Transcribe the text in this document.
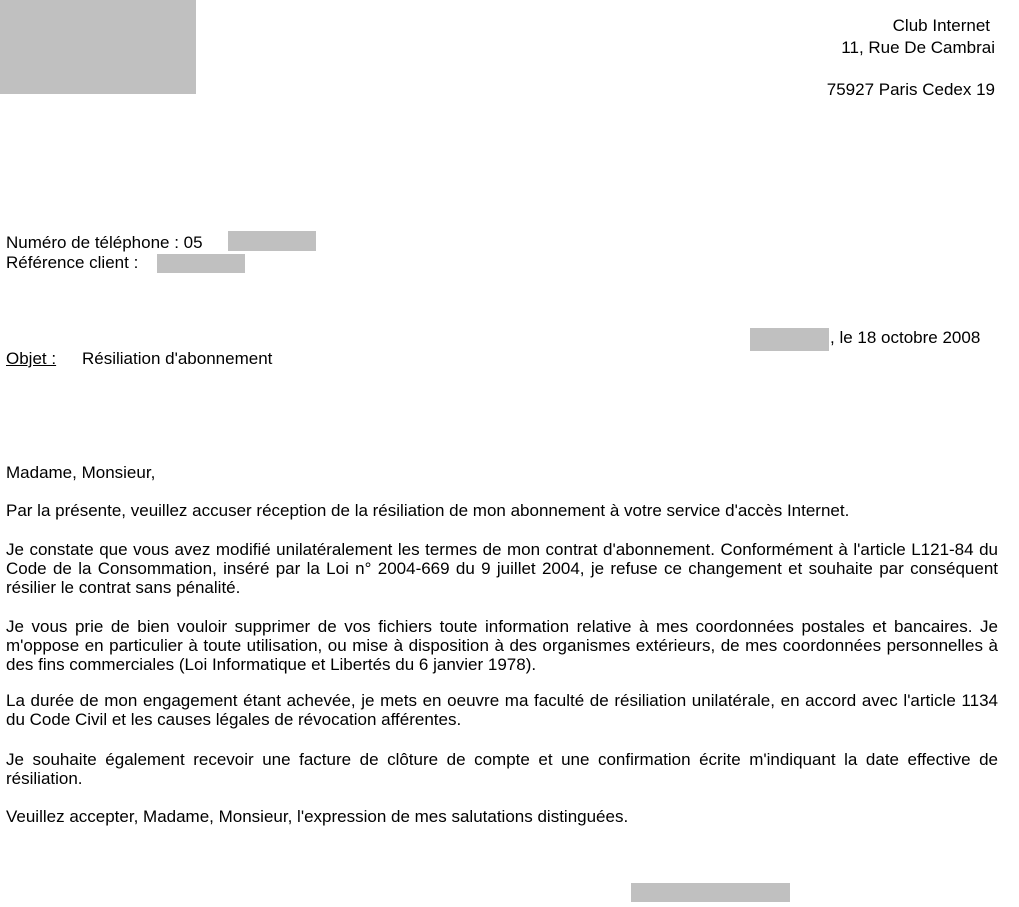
Club Internet
11, Rue De Cambrai
75927 Paris Cedex 19
Numéro de téléphone : 05
Référence client :
, le 18 octobre 2008
Objet : Résiliation d'abonnement
Madame, Monsieur,
Par la présente, veuillez accuser réception de la résiliation de mon abonnement à votre service d'accès Internet.
Je constate que vous avez modifié unilatéralement les termes de mon contrat d'abonnement. Conformément à l'article L121-84 du Code de la Consommation, inséré par la Loi n° 2004-669 du 9 juillet 2004, je refuse ce changement et souhaite par conséquent résilier le contrat sans pénalité.
Je vous prie de bien vouloir supprimer de vos fichiers toute information relative à mes coordonnées postales et bancaires. Je m'oppose en particulier à toute utilisation, ou mise à disposition à des organismes extérieurs, de mes coordonnées personnelles à des fins commerciales (Loi Informatique et Libertés du 6 janvier 1978).
La durée de mon engagement étant achevée, je mets en oeuvre ma faculté de résiliation unilatérale, en accord avec l'article 1134 du Code Civil et les causes légales de révocation afférentes.
Je souhaite également recevoir une facture de clôture de compte et une confirmation écrite m'indiquant la date effective de résiliation.
Veuillez accepter, Madame, Monsieur, l'expression de mes salutations distinguées.
